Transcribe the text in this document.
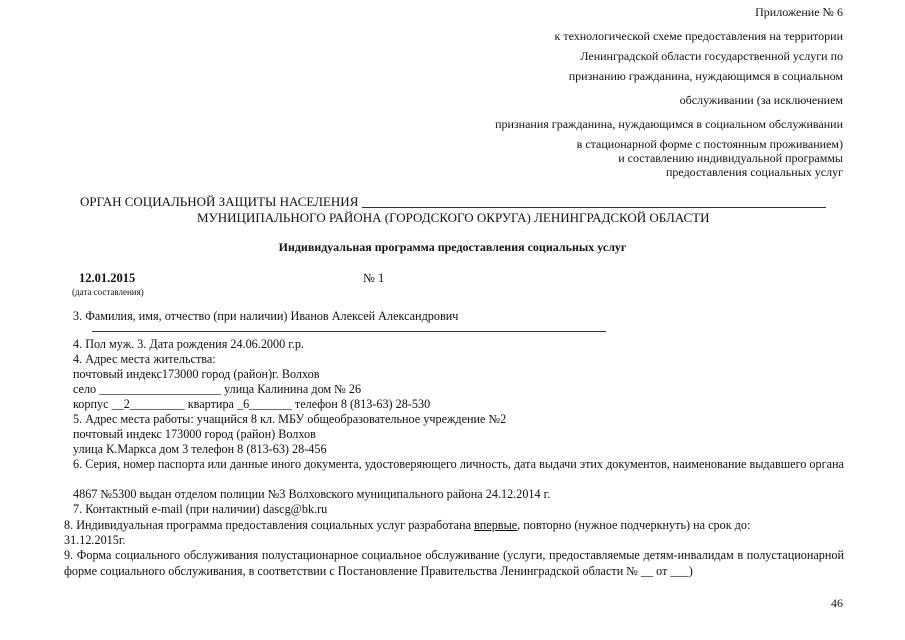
Приложение № 6
к технологической схеме предоставления на территории
Ленинградской области государственной услуги по
признанию гражданина, нуждающимся в социальном
обслуживании (за исключением
признания гражданина, нуждающимся в социальном обслуживании
в стационарной форме с постоянным проживанием)
и составлению индивидуальной программы
предоставления социальных услуг
ОРГАН СОЦИАЛЬНОЙ ЗАЩИТЫ НАСЕЛЕНИЯ
МУНИЦИПАЛЬНОГО РАЙОНА (ГОРОДСКОГО ОКРУГА) ЛЕНИНГРАДСКОЙ ОБЛАСТИ
Индивидуальная программа предоставления социальных услуг
12.01.2015
(дата составления)
№ 1
3. Фамилия, имя, отчество (при наличии) Иванов Алексей Александрович
4. Пол муж. 3. Дата рождения 24.06.2000 г.р.
4. Адрес места жительства:
почтовый индекс173000 город (район)г. Волхов
село ____________________ улица Калинина дом № 26
корпус __2_________ квартира _6_______ телефон 8 (813-63) 28-530
5. Адрес места работы: учащийся 8 кл. МБУ общеобразовательное учреждение №2
почтовый индекс 173000 город (район) Волхов
улица К.Маркса дом 3 телефон 8 (813-63) 28-456
6. Серия, номер паспорта или данные иного документа, удостоверяющего личность, дата выдачи этих документов, наименование выдавшего органа
4867 №5300 выдан отделом полиции №3 Волховского муниципального района 24.12.2014 г.
7. Контактный e-mail (при наличии) dascg@bk.ru
8. Индивидуальная программа предоставления социальных услуг разработана впервые, повторно (нужное подчеркнуть) на срок до:
31.12.2015г.
9. Форма социального обслуживания полустационарное социальное обслуживание (услуги, предоставляемые детям-инвалидам в полустационарной форме социального обслуживания, в соответствии с Постановление Правительства Ленинградской области № __ от ___)
46
